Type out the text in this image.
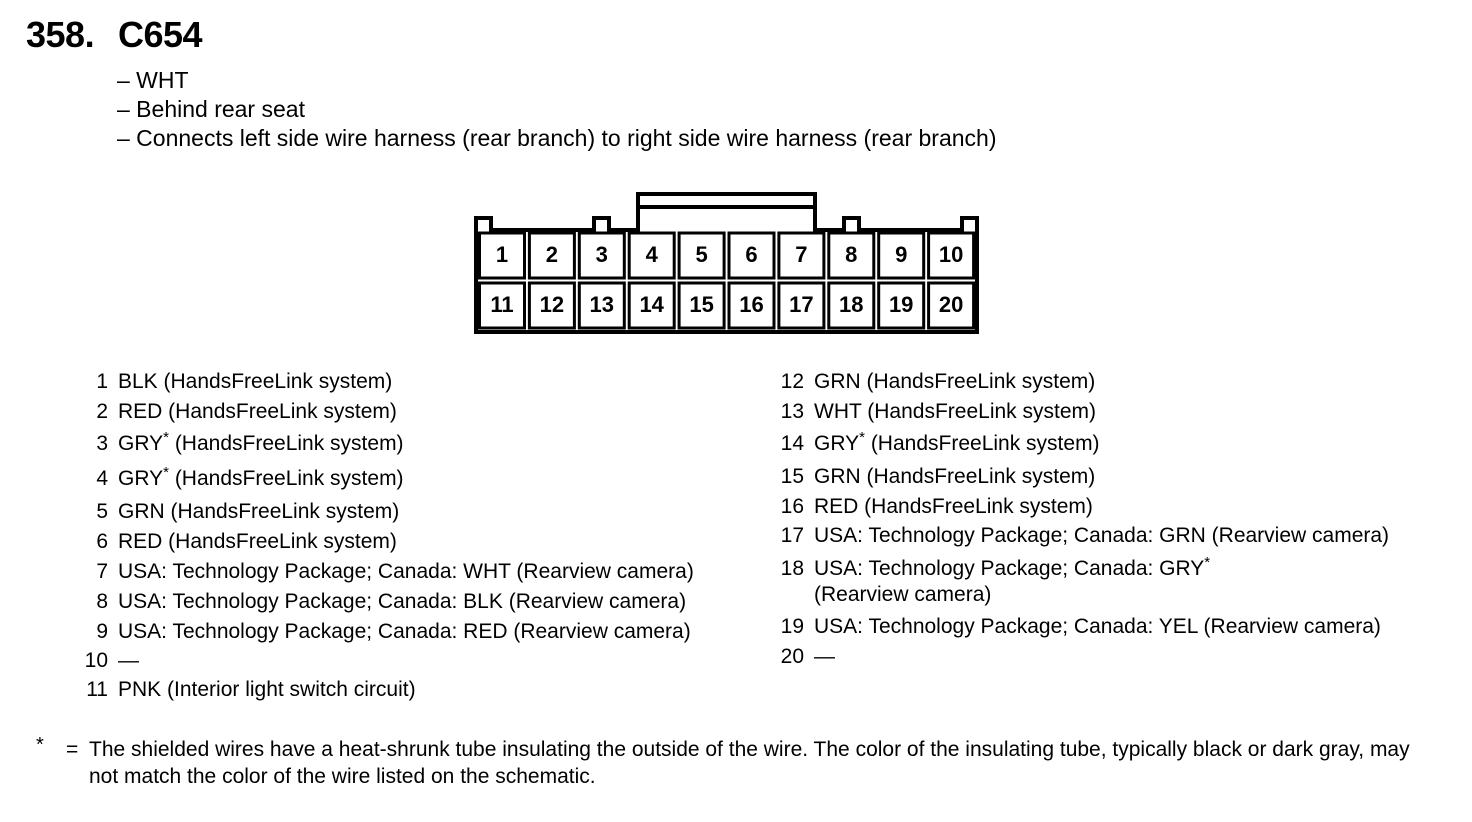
358. C654
– WHT
– Behind rear seat
– Connects left side wire harness (rear branch) to right side wire harness (rear branch)
1	2	3	4	5	6	7	8	9	10
11	12	13	14	15	16	17	18	19	20
1 BLK (HandsFreeLink system)
2 RED (HandsFreeLink system)
3 GRY* (HandsFreeLink system)
4 GRY* (HandsFreeLink system)
5 GRN (HandsFreeLink system)
6 RED (HandsFreeLink system)
7 USA: Technology Package; Canada: WHT (Rearview camera)
8 USA: Technology Package; Canada: BLK (Rearview camera)
9 USA: Technology Package; Canada: RED (Rearview camera)
10 —
11 PNK (Interior light switch circuit)
12 GRN (HandsFreeLink system)
13 WHT (HandsFreeLink system)
14 GRY* (HandsFreeLink system)
15 GRN (HandsFreeLink system)
16 RED (HandsFreeLink system)
17 USA: Technology Package; Canada: GRN (Rearview camera)
18 USA: Technology Package; Canada: GRY*
(Rearview camera)
19 USA: Technology Package; Canada: YEL (Rearview camera)
20 —
* = The shielded wires have a heat-shrunk tube insulating the outside of the wire. The color of the insulating tube, typically black or dark gray, may not match the color of the wire listed on the schematic.
